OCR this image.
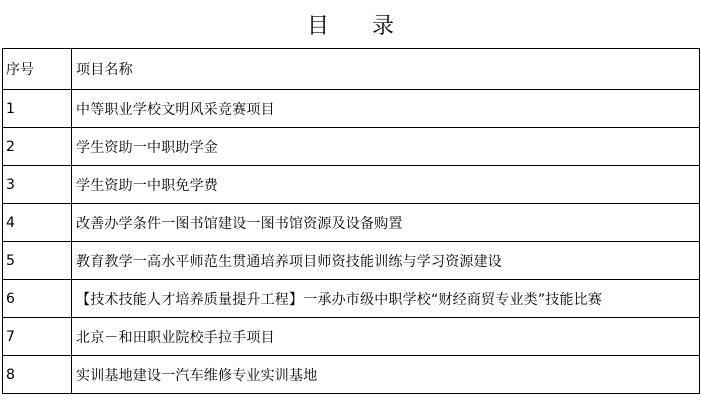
目 录
序号	项目名称
1	中等职业学校文明风采竞赛项目
2	学生资助一中职助学金
3	学生资助一中职免学费
4	改善办学条件一图书馆建设一图书馆资源及设备购置
5	教育教学一高水平师范生贯通培养项目师资技能训练与学习资源建设
6	【技术技能人才培养质量提升工程】一承办市级中职学校“财经商贸专业类”技能比赛
7	北京－和田职业院校手拉手项目
8	实训基地建设一汽车维修专业实训基地
